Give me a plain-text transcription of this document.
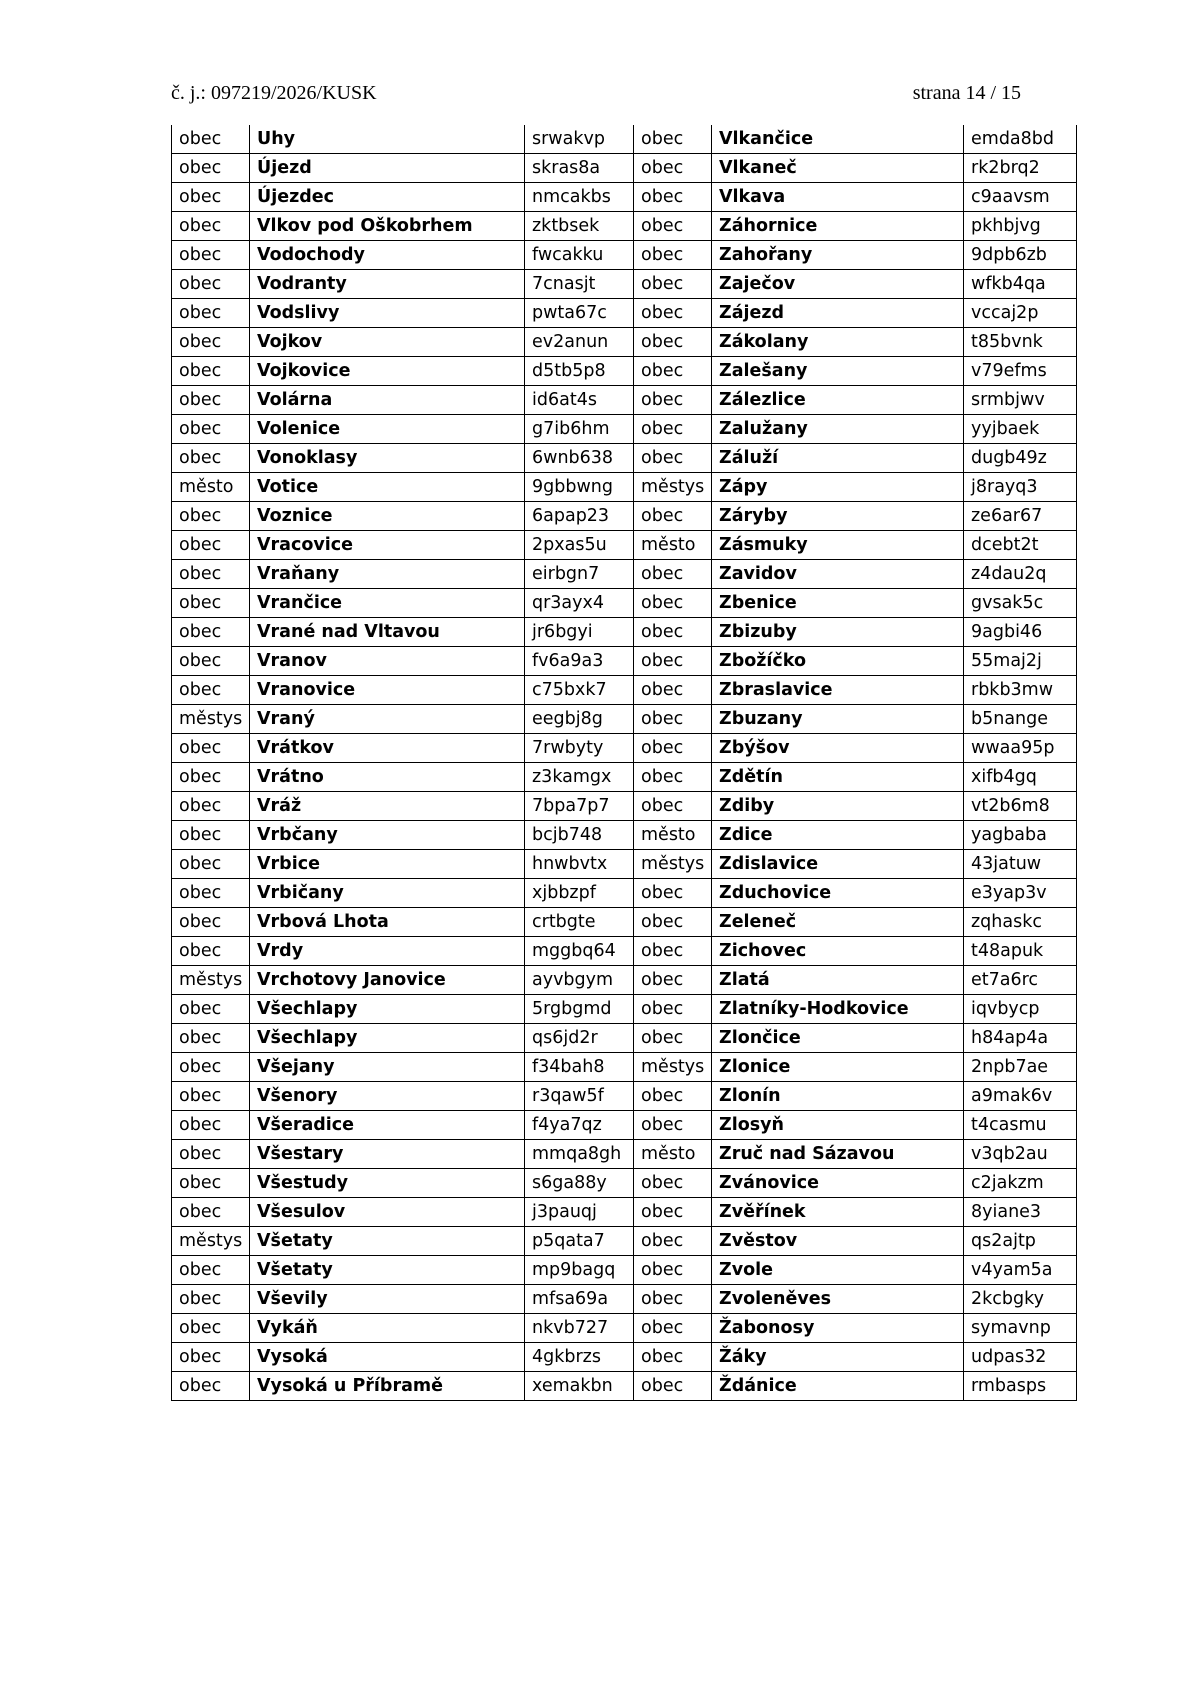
č. j.: 097219/2026/KUSK	strana 14 / 15
obec	Uhy	srwakvp	obec	Vlkančice	emda8bd
obec	Újezd	skras8a	obec	Vlkaneč	rk2brq2
obec	Újezdec	nmcakbs	obec	Vlkava	c9aavsm
obec	Vlkov pod Oškobrhem	zktbsek	obec	Záhornice	pkhbjvg
obec	Vodochody	fwcakku	obec	Zahořany	9dpb6zb
obec	Vodranty	7cnasjt	obec	Zaječov	wfkb4qa
obec	Vodslivy	pwta67c	obec	Zájezd	vccaj2p
obec	Vojkov	ev2anun	obec	Zákolany	t85bvnk
obec	Vojkovice	d5tb5p8	obec	Zalešany	v79efms
obec	Volárna	id6at4s	obec	Zálezlice	srmbjwv
obec	Volenice	g7ib6hm	obec	Zalužany	yyjbaek
obec	Vonoklasy	6wnb638	obec	Záluží	dugb49z
město	Votice	9gbbwng	městys	Zápy	j8rayq3
obec	Voznice	6apap23	obec	Záryby	ze6ar67
obec	Vracovice	2pxas5u	město	Zásmuky	dcebt2t
obec	Vraňany	eirbgn7	obec	Zavidov	z4dau2q
obec	Vrančice	qr3ayx4	obec	Zbenice	gvsak5c
obec	Vrané nad Vltavou	jr6bgyi	obec	Zbizuby	9agbi46
obec	Vranov	fv6a9a3	obec	Zbožíčko	55maj2j
obec	Vranovice	c75bxk7	obec	Zbraslavice	rbkb3mw
městys	Vraný	eegbj8g	obec	Zbuzany	b5nange
obec	Vrátkov	7rwbyty	obec	Zbýšov	wwaa95p
obec	Vrátno	z3kamgx	obec	Zdětín	xifb4gq
obec	Vráž	7bpa7p7	obec	Zdiby	vt2b6m8
obec	Vrbčany	bcjb748	město	Zdice	yagbaba
obec	Vrbice	hnwbvtx	městys	Zdislavice	43jatuw
obec	Vrbičany	xjbbzpf	obec	Zduchovice	e3yap3v
obec	Vrbová Lhota	crtbgte	obec	Zeleneč	zqhaskc
obec	Vrdy	mggbq64	obec	Zichovec	t48apuk
městys	Vrchotovy Janovice	ayvbgym	obec	Zlatá	et7a6rc
obec	Všechlapy	5rgbgmd	obec	Zlatníky-Hodkovice	iqvbycp
obec	Všechlapy	qs6jd2r	obec	Zlončice	h84ap4a
obec	Všejany	f34bah8	městys	Zlonice	2npb7ae
obec	Všenory	r3qaw5f	obec	Zlonín	a9mak6v
obec	Všeradice	f4ya7qz	obec	Zlosyň	t4casmu
obec	Všestary	mmqa8gh	město	Zruč nad Sázavou	v3qb2au
obec	Všestudy	s6ga88y	obec	Zvánovice	c2jakzm
obec	Všesulov	j3pauqj	obec	Zvěřínek	8yiane3
městys	Všetaty	p5qata7	obec	Zvěstov	qs2ajtp
obec	Všetaty	mp9bagq	obec	Zvole	v4yam5a
obec	Vševily	mfsa69a	obec	Zvoleněves	2kcbgky
obec	Vykáň	nkvb727	obec	Žabonosy	symavnp
obec	Vysoká	4gkbrzs	obec	Žáky	udpas32
obec	Vysoká u Příbramě	xemakbn	obec	Ždánice	rmbasps
